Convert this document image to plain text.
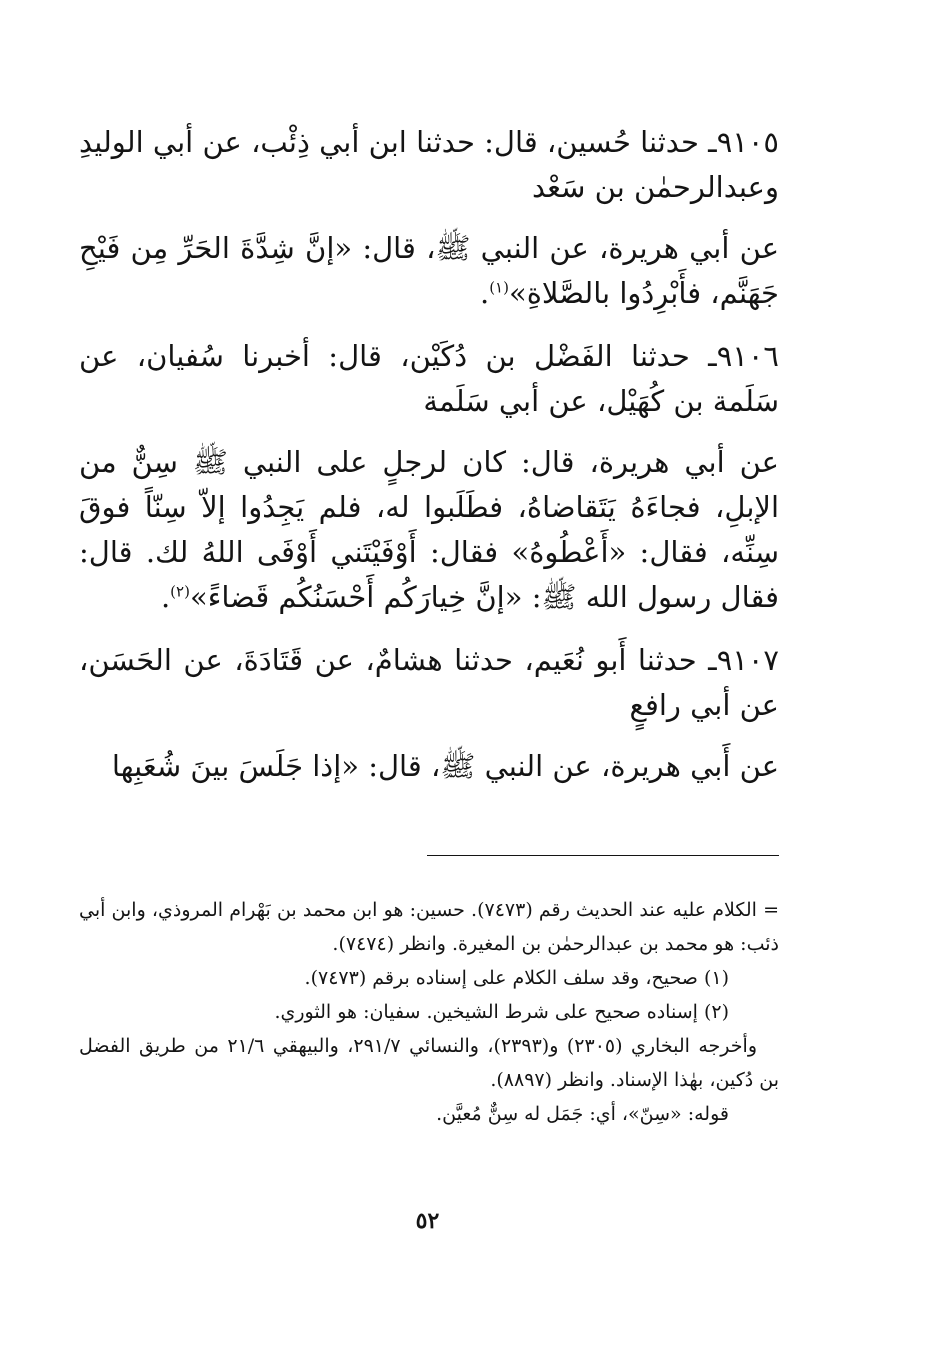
٩١٠٥ـ حدثنا حُسين، قال: حدثنا ابن أبي ذِئْب، عن أبي الوليدِ وعبدالرحمٰن بن سَعْد

عن أبي هريرة، عن النبي ﷺ، قال: «إنَّ شِدَّةَ الحَرِّ مِن فَيْحِ جَهَنَّم، فأَبْرِدُوا بالصَّلاةِ»$^{(١)}$.

٩١٠٦ـ حدثنا الفَضْل بن دُكَيْن، قال: أخبرنا سُفيان، عن سَلَمة بن كُهَيْل، عن أبي سَلَمة

عن أبي هريرة، قال: كان لرجلٍ على النبي ﷺ سِنٌّ من الإبلِ، فجاءَهُ يَتَقاضاهُ، فطَلَبوا له، فلم يَجِدُوا إلاّ سِنّاً فوقَ سِنِّه، فقال: «أَعْطُوهُ» فقال: أَوْفَيْتَني أَوْفَى اللهُ لك. قال: فقال رسول الله ﷺ: «إنَّ خِيارَكُم أَحْسَنُكُم قَضاءً»$^{(٢)}$.

٩١٠٧ـ حدثنا أَبو نُعَيم، حدثنا هشامٌ، عن قَتَادَةَ، عن الحَسَن، عن أبي رافعٍ

عن أَبي هريرة، عن النبي ﷺ، قال: «إذا جَلَسَ بينَ شُعَبِها

= الكلام عليه عند الحديث رقم (٧٤٧٣). حسين: هو ابن محمد بن بَهْرام المروذي، وابن أبي ذئب: هو محمد بن عبدالرحمٰن بن المغيرة. وانظر (٧٤٧٤).

(١) صحيح، وقد سلف الكلام على إسناده برقم (٧٤٧٣).

(٢) إسناده صحيح على شرط الشيخين. سفيان: هو الثوري.

وأخرجه البخاري (٢٣٠٥) و(٢٣٩٣)، والنسائي ٢٩١/٧، والبيهقي ٢١/٦ من طريق الفضل بن دُكين، بهٰذا الإسناد. وانظر (٨٨٩٧).

قوله: «سِنّ»، أي: جَمَل له سِنٌّ مُعيَّن.

٥٢
